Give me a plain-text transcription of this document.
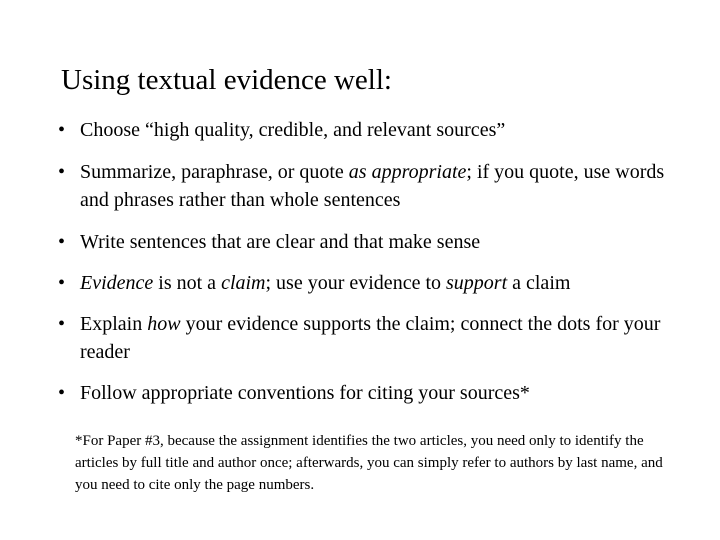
Using textual evidence well:
• Choose “high quality, credible, and relevant sources”
• Summarize, paraphrase, or quote as appropriate; if you quote, use words and phrases rather than whole sentences
• Write sentences that are clear and that make sense
• Evidence is not a claim; use your evidence to support a claim
• Explain how your evidence supports the claim; connect the dots for your reader
• Follow appropriate conventions for citing your sources*
*For Paper #3, because the assignment identifies the two articles, you need only to identify the articles by full title and author once; afterwards, you can simply refer to authors by last name, and you need to cite only the page numbers.
